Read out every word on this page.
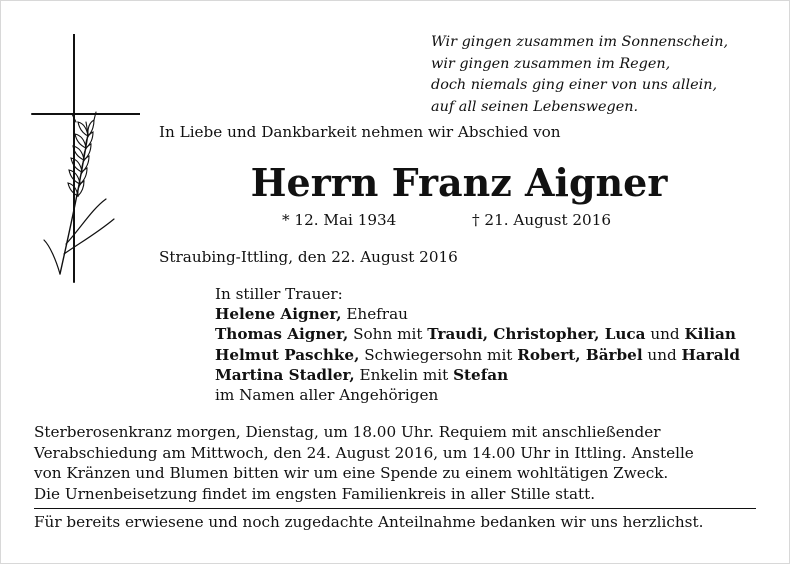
Wir gingen zusammen im Sonnenschein,
wir gingen zusammen im Regen,
doch niemals ging einer von uns allein,
auf all seinen Lebenswegen.
In Liebe und Dankbarkeit nehmen wir Abschied von
Herrn Franz Aigner
* 12. Mai 1934	† 21. August 2016
Straubing-Ittling, den 22. August 2016
In stiller Trauer:
Helene Aigner, Ehefrau
Thomas Aigner, Sohn mit Traudi, Christopher, Luca und Kilian
Helmut Paschke, Schwiegersohn mit Robert, Bärbel und Harald
Martina Stadler, Enkelin mit Stefan
im Namen aller Angehörigen
Sterberosenkranz morgen, Dienstag, um 18.00 Uhr. Requiem mit anschließender
Verabschiedung am Mittwoch, den 24. August 2016, um 14.00 Uhr in Ittling. Anstelle
von Kränzen und Blumen bitten wir um eine Spende zu einem wohltätigen Zweck.
Die Urnenbeisetzung findet im engsten Familienkreis in aller Stille statt.
Für bereits erwiesene und noch zugedachte Anteilnahme bedanken wir uns herzlichst.
